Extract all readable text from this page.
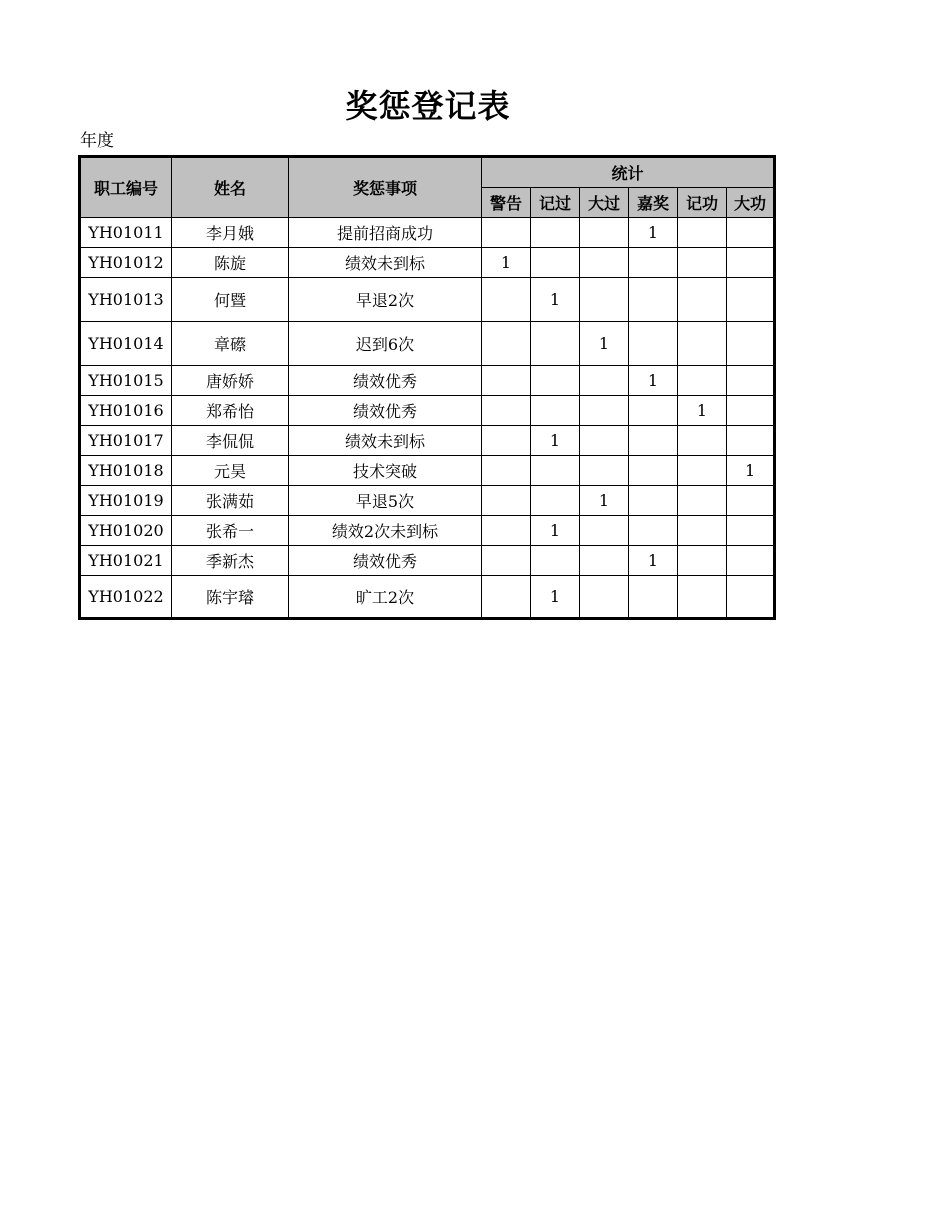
奖惩登记表
年度
职工编号	姓名	奖惩事项	统计					
			警告	记过	大过	嘉奖	记功	大功
YH01011	李月娥	提前招商成功				1		
YH01012	陈旋	绩效未到标	1					
YH01013	何暨	早退2次		1				
YH01014	章礤	迟到6次			1			
YH01015	唐娇娇	绩效优秀				1		
YH01016	郑希怡	绩效优秀					1	
YH01017	李侃侃	绩效未到标		1				
YH01018	元昊	技术突破						1
YH01019	张满茹	早退5次			1			
YH01020	张希一	绩效2次未到标		1				
YH01021	季新杰	绩效优秀				1		
YH01022	陈宇璿	旷工2次		1				
